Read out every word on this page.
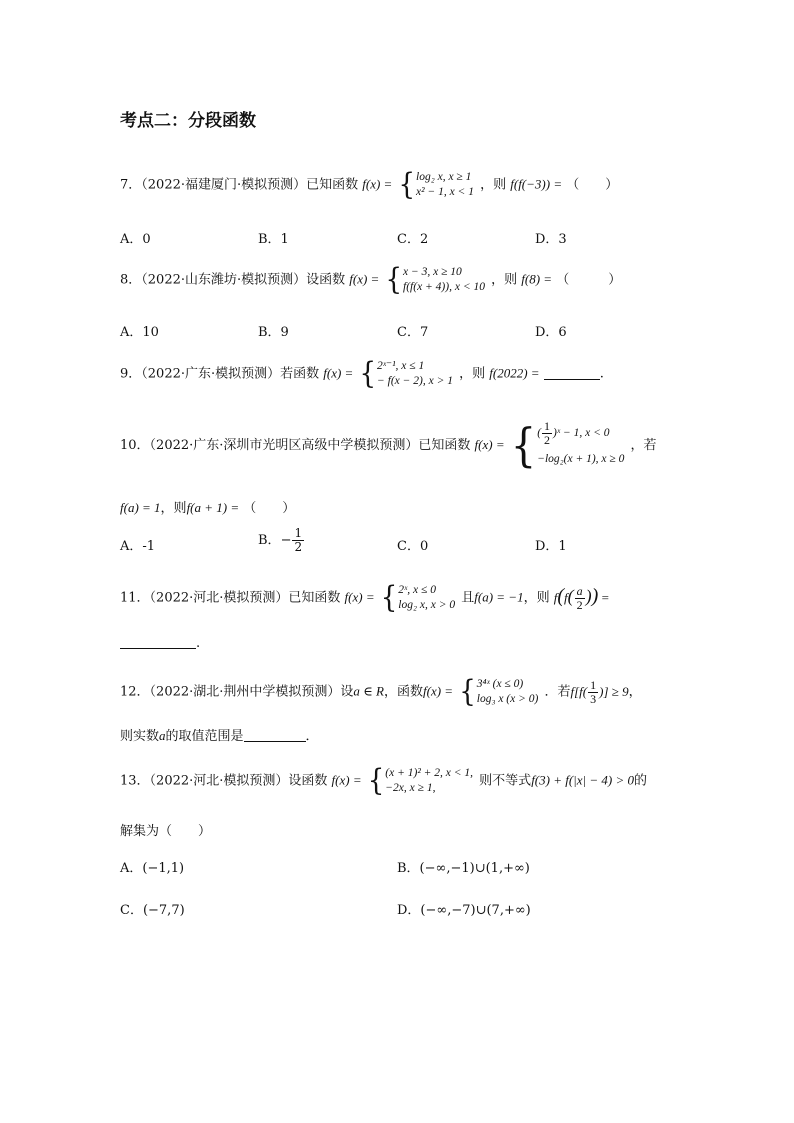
考点二：分段函数
7．（2022·福建厦门·模拟预测）已知函数 f(x) = { log₂ x, x ≥ 1
x² − 1, x < 1 ，则 f(f(−3)) = （　　）
A．0	B．1	C．2	D．3
8．（2022·山东潍坊·模拟预测）设函数 f(x) = { x − 3, x ≥ 10
f(f(x + 4)), x < 10 ，则 f(8) = （　　　）
A．10	B．9	C．7	D．6
9．（2022·广东·模拟预测）若函数 f(x) = { 2ˣ⁻¹, x ≤ 1
− f(x − 2), x > 1 ，则 f(2022) =	.
10．（2022·广东·深圳市光明区高级中学模拟预测）已知函数 f(x) = { ( $\frac{1}{2}$ )ˣ − 1, x < 0
−log₂(x + 1), x ≥ 0
，若
f(a) = 1，则f(a + 1) = （　　）
A．-1	B．− $\frac{1}{2}$	C．0	D．1
11．（2022·河北·模拟预测）已知函数 f(x) = { 2ˣ, x ≤ 0
log₂ x, x > 0 且f(a) = −1，则 $f(f( \frac{a}{2}$ )) =
.
12．（2022·湖北·荆州中学模拟预测）设a ∈ R，函数f(x) = { 3⁴ˣ (x ≤ 0)
log₃ x (x > 0) ．若$f[f( \frac{1}{3}$ )] ≥ 9，
则实数a的取值范围是	．
13．（2022·河北·模拟预测）设函数 f(x) = { (x + 1)² + 2, x < 1,
−2x, x ≥ 1,	则不等式f(3) + f(|x| − 4) > 0的
解集为（　　）
A．(−1,1)	B．(−∞,−1)∪(1,+∞)
C．(−7,7)	D．(−∞,−7)∪(7,+∞)
